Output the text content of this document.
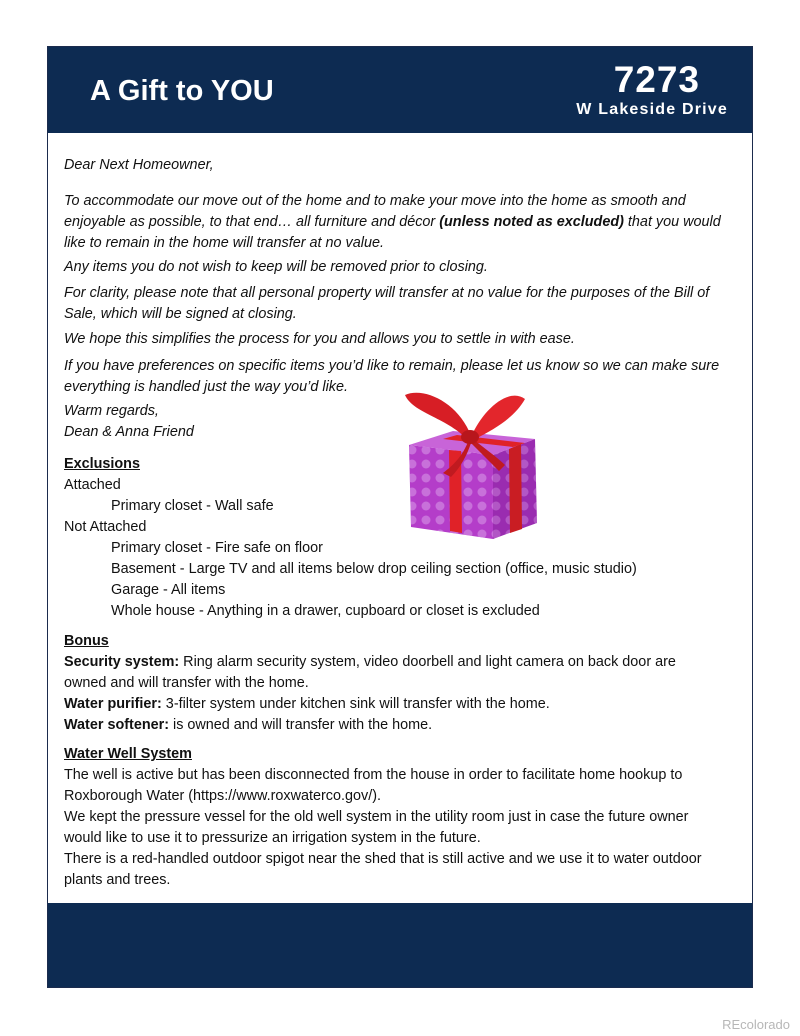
A Gift to YOU	7273
W Lakeside Drive
Dear Next Homeowner,
To accommodate our move out of the home and to make your move into the home as smooth and enjoyable as possible, to that end… all furniture and décor (unless noted as excluded) that you would like to remain in the home will transfer at no value.
Any items you do not wish to keep will be removed prior to closing.
For clarity, please note that all personal property will transfer at no value for the purposes of the Bill of Sale, which will be signed at closing.
We hope this simplifies the process for you and allows you to settle in with ease.
If you have preferences on specific items you’d like to remain, please let us know so we can make sure everything is handled just the way you’d like.
Warm regards,
Dean & Anna Friend
Exclusions
Attached
Primary closet - Wall safe
Not Attached
Primary closet - Fire safe on floor
Basement - Large TV and all items below drop ceiling section (office, music studio)
Garage - All items
Whole house - Anything in a drawer, cupboard or closet is excluded
Bonus
Security system: Ring alarm security system, video doorbell and light camera on back door are owned and will transfer with the home.
Water purifier: 3-filter system under kitchen sink will transfer with the home.
Water softener: is owned and will transfer with the home.
Water Well System
The well is active but has been disconnected from the house in order to facilitate home hookup to Roxborough Water (https://www.roxwaterco.gov/).
We kept the pressure vessel for the old well system in the utility room just in case the future owner would like to use it to pressurize an irrigation system in the future.
There is a red-handled outdoor spigot near the shed that is still active and we use it to water outdoor plants and trees.
REcolorado
